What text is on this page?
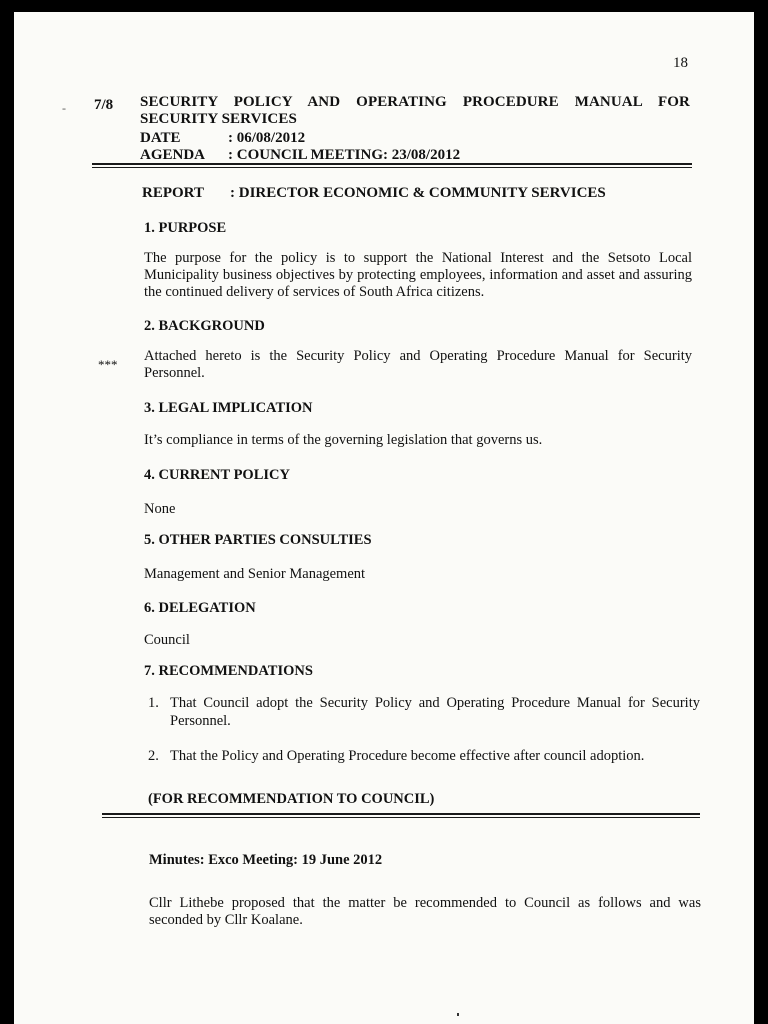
18
- 7/8 SECURITY POLICY AND OPERATING PROCEDURE MANUAL FOR SECURITY SERVICES
DATE	: 06/08/2012
AGENDA : COUNCIL MEETING: 23/08/2012
REPORT : DIRECTOR ECONOMIC & COMMUNITY SERVICES
1. PURPOSE
The purpose for the policy is to support the National Interest and the Setsoto Local Municipality business objectives by protecting employees, information and asset and assuring the continued delivery of services of South Africa citizens.
2. BACKGROUND
***
Attached hereto is the Security Policy and Operating Procedure Manual for Security Personnel.
3. LEGAL IMPLICATION
It’s compliance in terms of the governing legislation that governs us.
4. CURRENT POLICY
None
5. OTHER PARTIES CONSULTIES
Management and Senior Management
6. DELEGATION
Council
7. RECOMMENDATIONS
1. That Council adopt the Security Policy and Operating Procedure Manual for Security Personnel.
2. That the Policy and Operating Procedure become effective after council adoption.
(FOR RECOMMENDATION TO COUNCIL)
Minutes: Exco Meeting: 19 June 2012
Cllr Lithebe proposed that the matter be recommended to Council as follows and was seconded by Cllr Koalane.
